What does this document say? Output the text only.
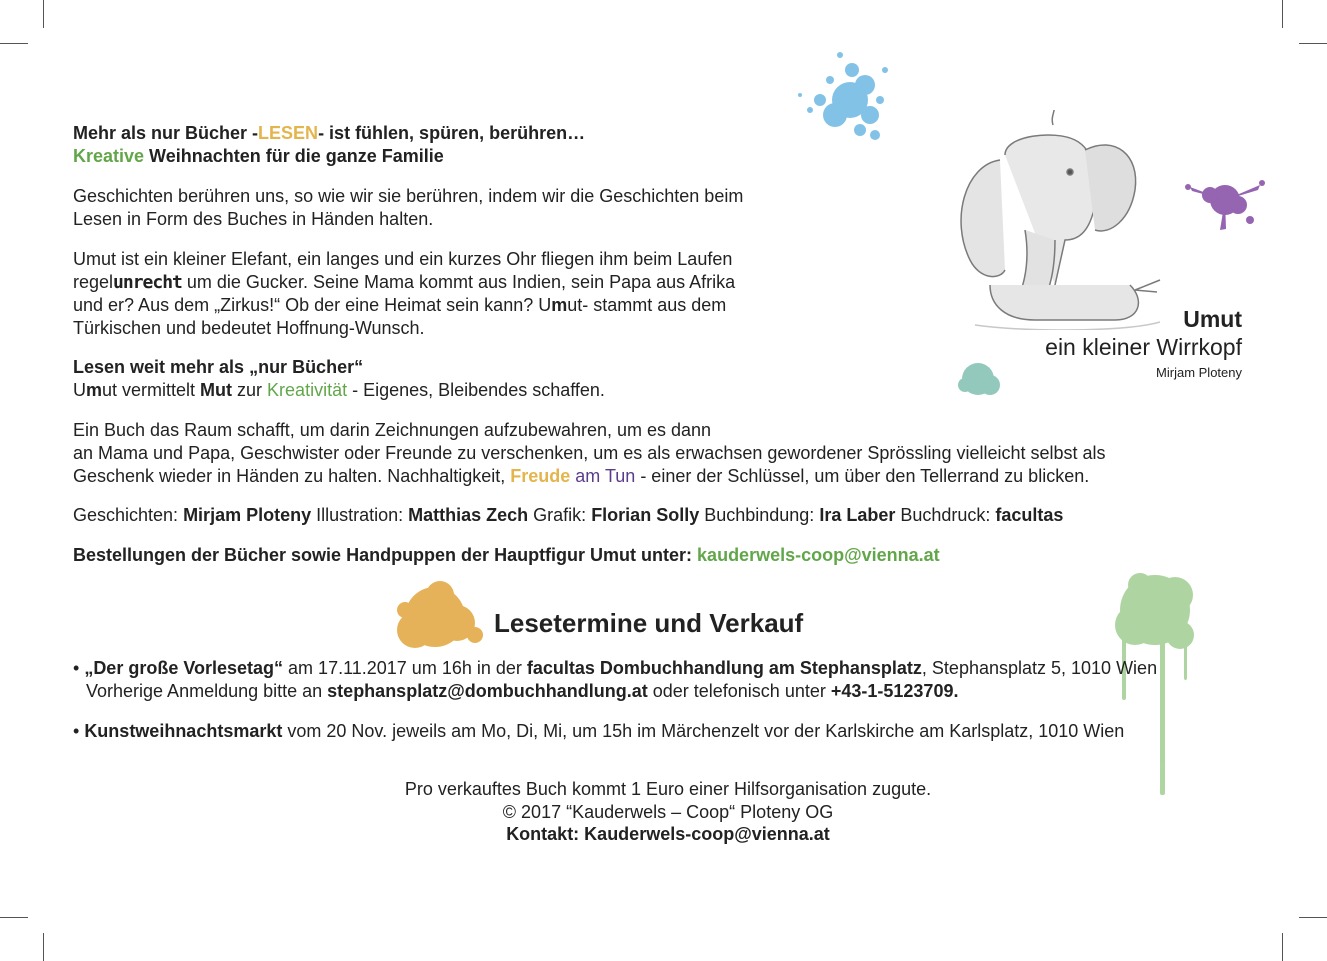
Mehr als nur Bücher -LESEN- ist fühlen, spüren, berühren…
Kreative Weihnachten für die ganze Familie
Geschichten berühren uns, so wie wir sie berühren, indem wir die Geschichten beim
Lesen in Form des Buches in Händen halten.
Umut ist ein kleiner Elefant, ein langes und ein kurzes Ohr fliegen ihm beim Laufen
regelunrecht um die Gucker. Seine Mama kommt aus Indien, sein Papa aus Afrika
und er? Aus dem „Zirkus!“ Ob der eine Heimat sein kann? Umut- stammt aus dem
Türkischen und bedeutet Hoffnung-Wunsch.
Lesen weit mehr als „nur Bücher“
Umut vermittelt Mut zur Kreativität - Eigenes, Bleibendes schaffen.
Ein Buch das Raum schafft, um darin Zeichnungen aufzubewahren, um es dann
an Mama und Papa, Geschwister oder Freunde zu verschenken, um es als erwachsen gewordener Sprössling vielleicht selbst als
Geschenk wieder in Händen zu halten. Nachhaltigkeit, Freude am Tun - einer der Schlüssel, um über den Tellerrand zu blicken.
Geschichten: Mirjam Ploteny Illustration: Matthias Zech Grafik: Florian Solly Buchbindung: Ira Laber Buchdruck: facultas
Bestellungen der Bücher sowie Handpuppen der Hauptfigur Umut unter: kauderwels-coop@vienna.at
Lesetermine und Verkauf
• „Der große Vorlesetag“ am 17.11.2017 um 16h in der facultas Dombuchhandlung am Stephansplatz, Stephansplatz 5, 1010 Wien
Vorherige Anmeldung bitte an stephansplatz@dombuchhandlung.at oder telefonisch unter +43-1-5123709.
• Kunstweihnachtsmarkt vom 20 Nov. jeweils am Mo, Di, Mi, um 15h im Märchenzelt vor der Karlskirche am Karlsplatz, 1010 Wien
Pro verkauftes Buch kommt 1 Euro einer Hilfsorganisation zugute.
© 2017 “Kauderwels – Coop“ Ploteny OG
Kontakt: Kauderwels-coop@vienna.at
Umut
ein kleiner Wirrkopf
Mirjam Ploteny
